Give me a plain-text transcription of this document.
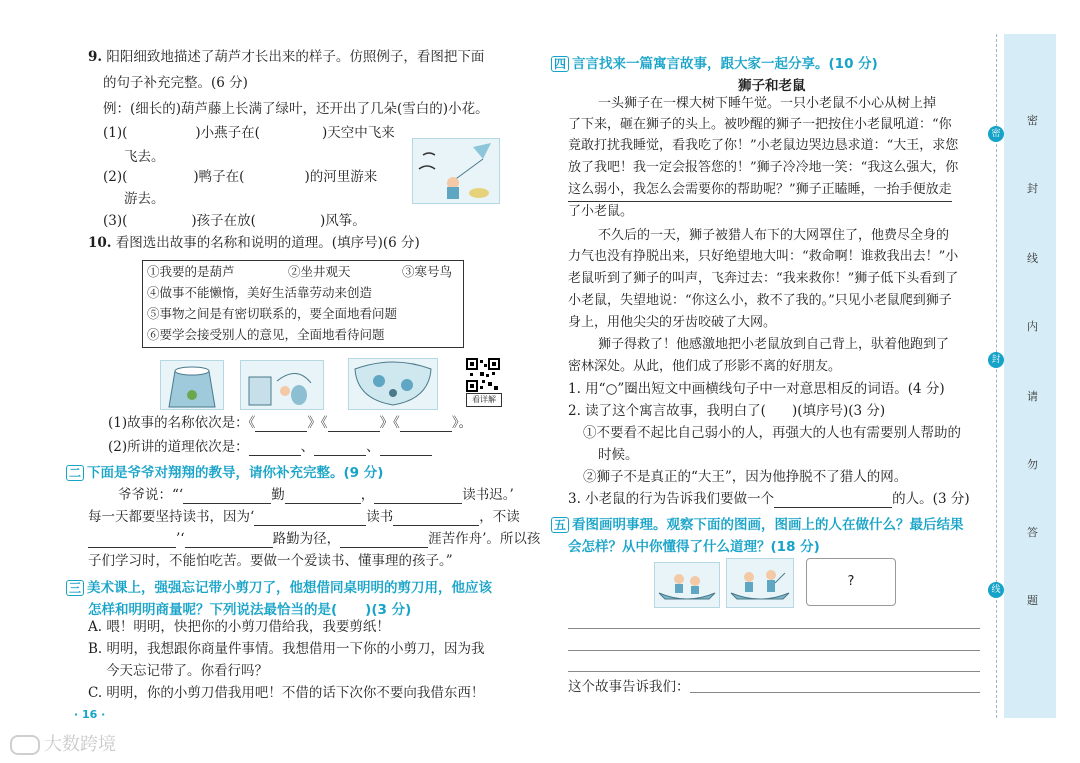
9. 阳阳细致地描述了葫芦才长出来的样子。仿照例子，看图把下面
的句子补充完整。(6 分)
例：(细长的)葫芦藤上长满了绿叶，还开出了几朵(雪白的)小花。
(1)(	)小燕子在(	)天空中飞来
飞去。
(2)(	)鸭子在(	)的河里游来
游去。
(3)(	)孩子在放(	)风筝。
10. 看图选出故事的名称和说明的道理。(填序号)(6 分)
①我要的是葫芦	②坐井观天	③寒号鸟
④做事不能懒惰，美好生活靠劳动来创造
⑤事物之间是有密切联系的，要全面地看问题
⑥要学会接受别人的意见，全面地看待问题
看详解
(1)故事的名称依次是：《	》《	》《	》。
(2)所讲的道理依次是：	、	、
二 下面是爷爷对翔翔的教导，请你补充完整。(9 分)
爷爷说：“‘	勤	，	读书迟。’
每一天都要坚持读书，因为‘	读书	，不读
’‘	路勤为径，	涯苦作舟’。所以孩
子们学习时，不能怕吃苦。要做一个爱读书、懂事理的孩子。”
三 美术课上，强强忘记带小剪刀了，他想借同桌明明的剪刀用，他应该
怎样和明明商量呢？下列说法最恰当的是( )(3 分)
A. 喂！明明，快把你的小剪刀借给我，我要剪纸！
B. 明明，我想跟你商量件事情。我想借用一下你的小剪刀，因为我
今天忘记带了。你看行吗？
C. 明明，你的小剪刀借我用吧！不借的话下次你不要向我借东西！
· 16 ·
四 言言找来一篇寓言故事，跟大家一起分享。(10 分)
狮子和老鼠
一头狮子在一棵大树下睡午觉。一只小老鼠不小心从树上掉
了下来，砸在狮子的头上。被吵醒的狮子一把按住小老鼠吼道：“你
竟敢打扰我睡觉，看我吃了你！”小老鼠边哭边恳求道：“大王，求您
放了我吧！我一定会报答您的！”狮子冷冷地一笑：“我这么强大，你
这么弱小，我怎么会需要你的帮助呢？”狮子正瞌睡，一抬手便放走
了小老鼠。
不久后的一天，狮子被猎人布下的大网罩住了，他费尽全身的
力气也没有挣脱出来，只好绝望地大叫：“救命啊！谁救我出去！”小
老鼠听到了狮子的叫声，飞奔过去：“我来救你！”狮子低下头看到了
小老鼠，失望地说：“你这么小，救不了我的。”只见小老鼠爬到狮子
身上，用他尖尖的牙齿咬破了大网。
狮子得救了！他感激地把小老鼠放到自己背上，驮着他跑到了
密林深处。从此，他们成了形影不离的好朋友。
1. 用“○”圈出短文中画横线句子中一对意思相反的词语。(4 分)
2. 读了这个寓言故事，我明白了( )(填序号)(3 分)
①不要看不起比自己弱小的人，再强大的人也有需要别人帮助的
时候。
②狮子不是真正的“大王”，因为他挣脱不了猎人的网。
3. 小老鼠的行为告诉我们要做一个	的人。(3 分)
五 看图画明事理。观察下面的图画，图画上的人在做什么？最后结果
会怎样？从中你懂得了什么道理？(18 分)
?
这个故事告诉我们：
密
封
线
内
请
勿
答
题
密
封
线
大数跨境
